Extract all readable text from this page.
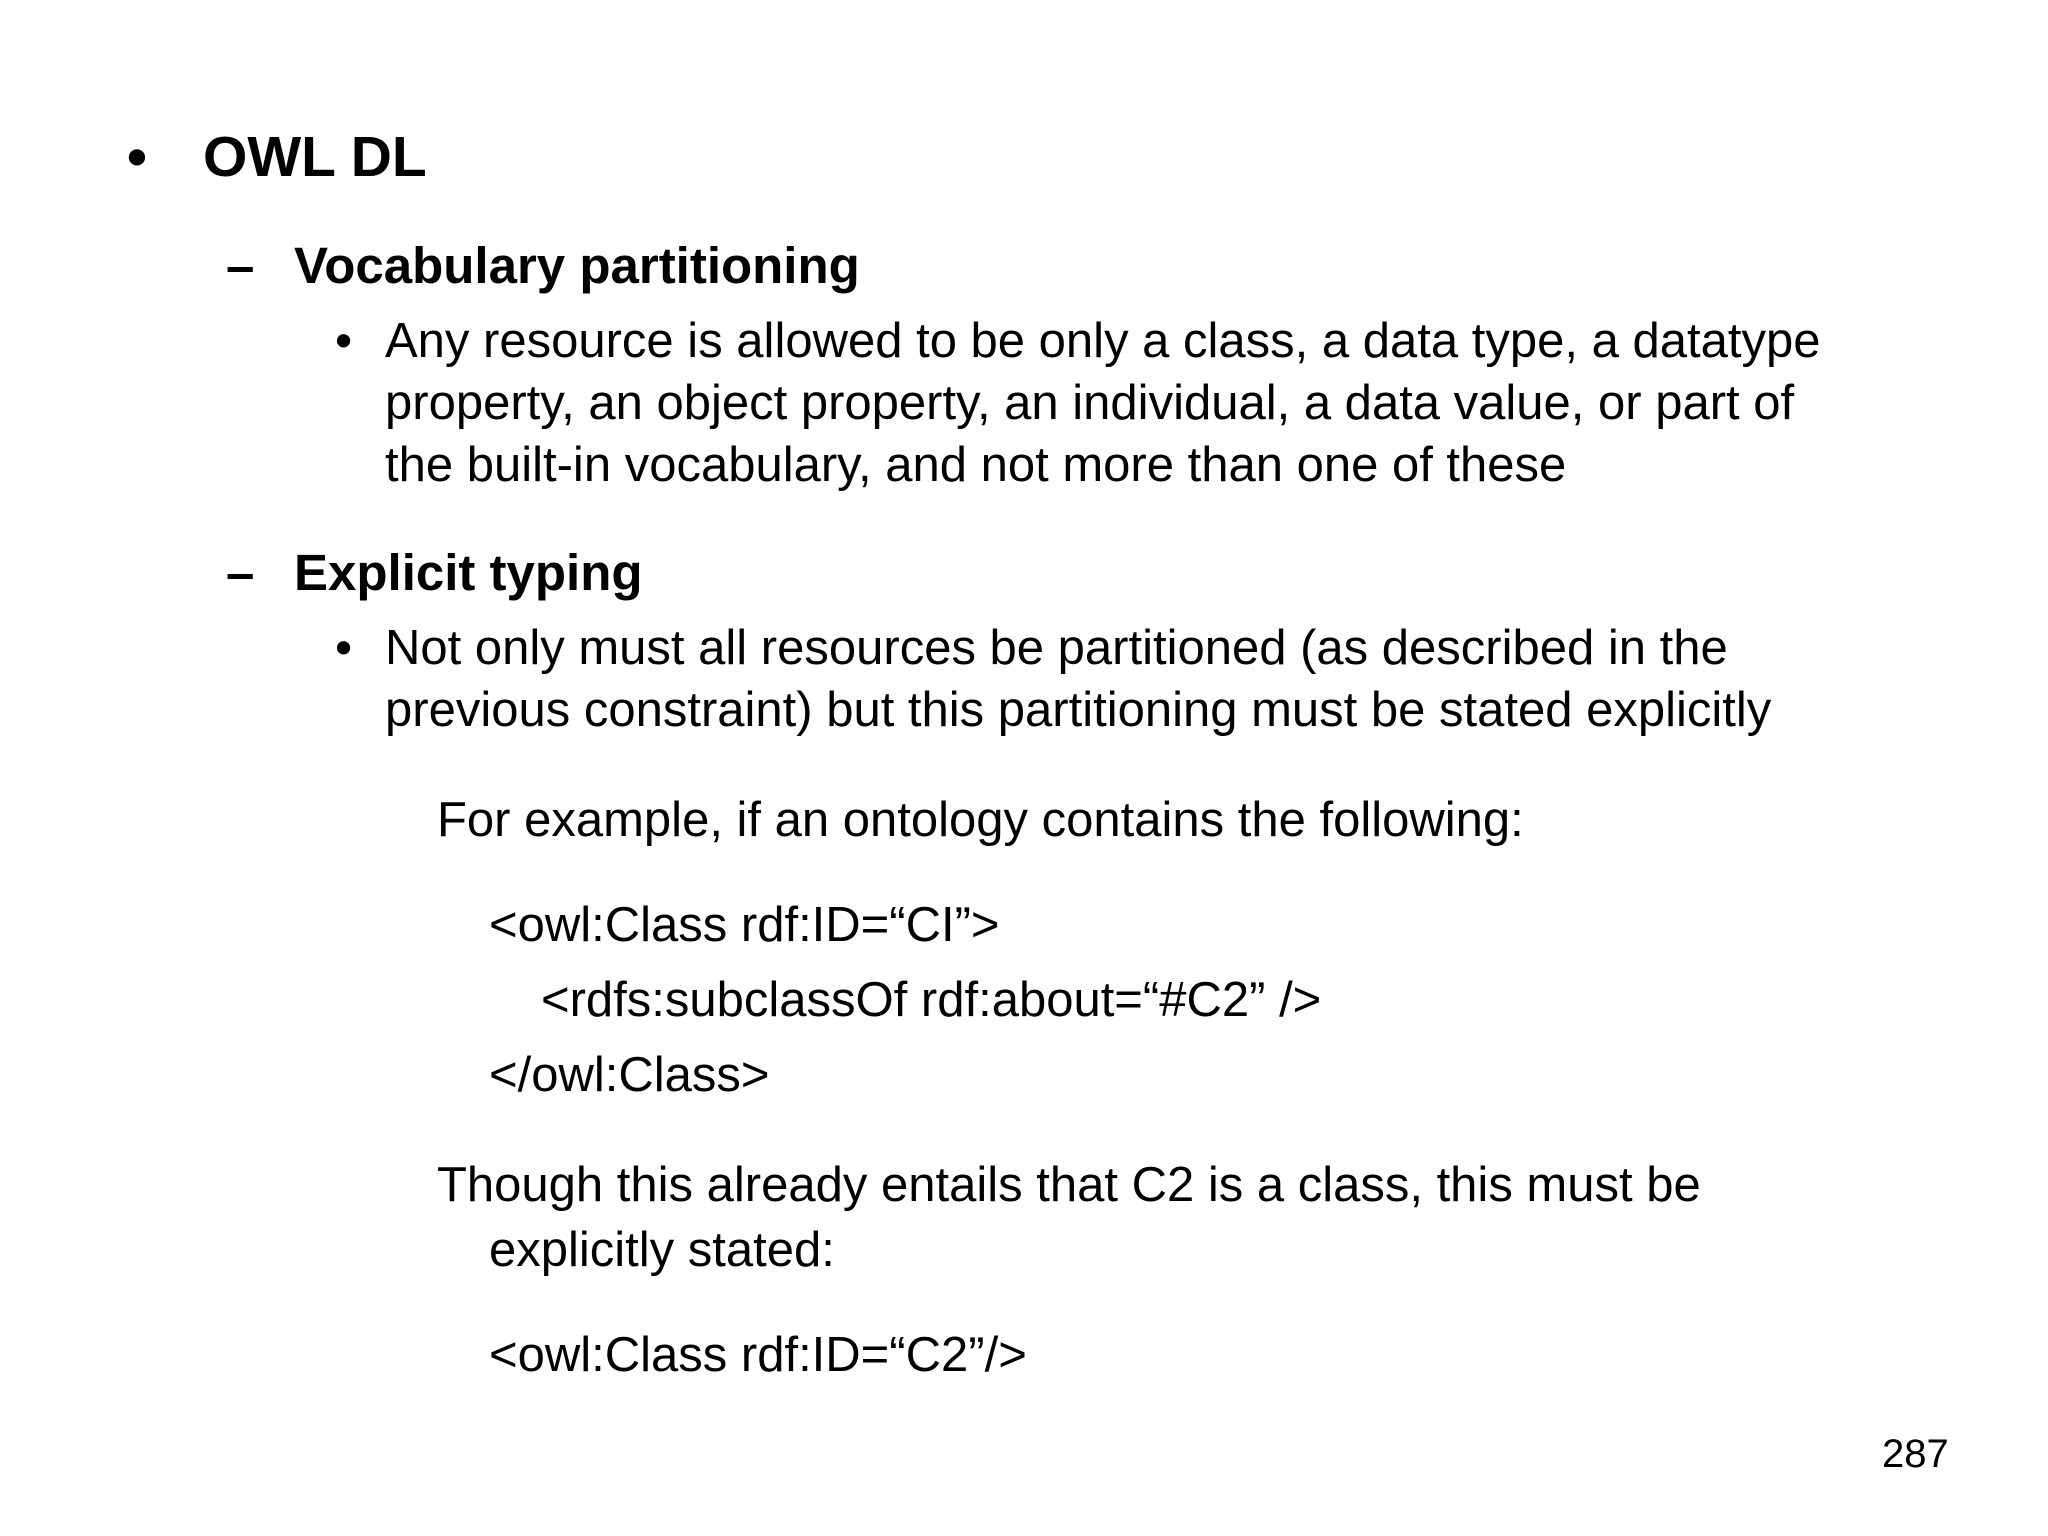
• OWL DL
– Vocabulary partitioning
• Any resource is allowed to be only a class, a data type, a datatype
property, an object property, an individual, a data value, or part of
the built-in vocabulary, and not more than one of these
– Explicit typing
• Not only must all resources be partitioned (as described in the
previous constraint) but this partitioning must be stated explicitly
For example, if an ontology contains the following:
<owl:Class rdf:ID=“CI”>
<rdfs:subclassOf rdf:about=“#C2” />
</owl:Class>
Though this already entails that C2 is a class, this must be
explicitly stated:
<owl:Class rdf:ID=“C2”/>
287
